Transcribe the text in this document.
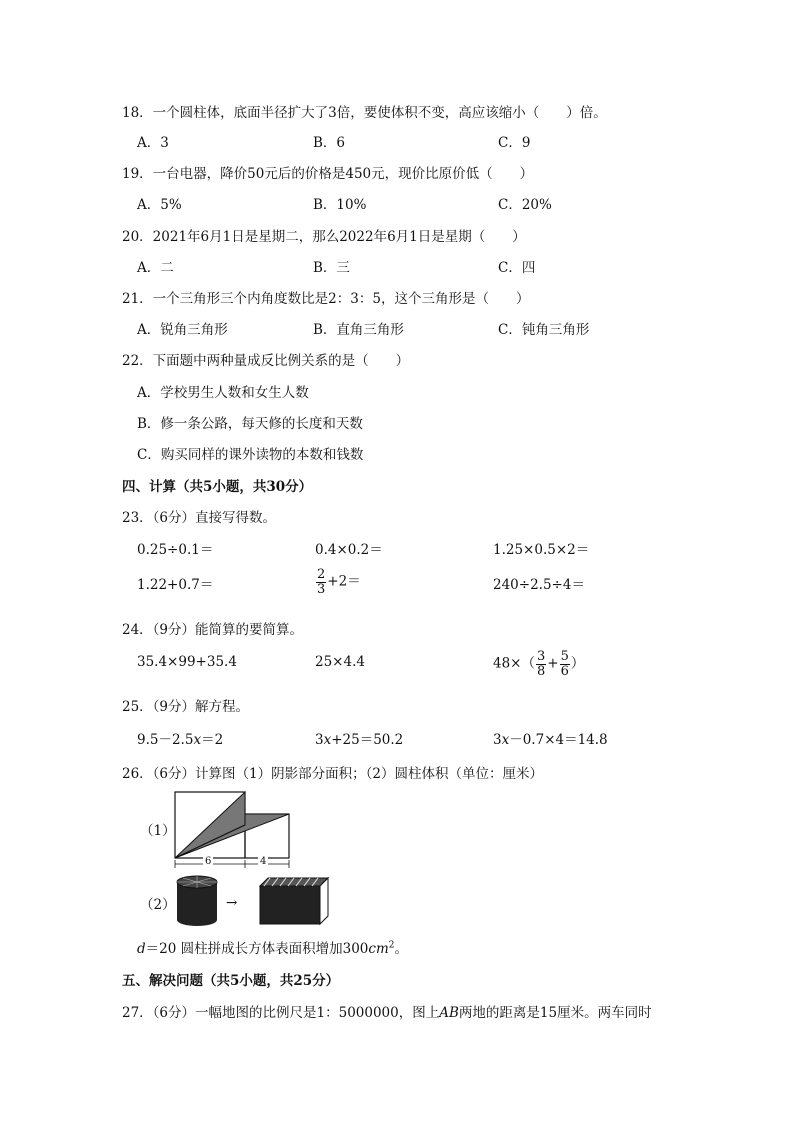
18．一个圆柱体，底面半径扩大了3倍，要使体积不变，高应该缩小（　　）倍。
A．3	B．6	C．9
19．一台电器，降价50元后的价格是450元，现价比原价低（　　）
A．5%	B．10%	C．20%
20．2021年6月1日是星期二，那么2022年6月1日是星期（　　）
A．二	B．三	C．四
21．一个三角形三个内角度数比是2：3：5，这个三角形是（　　）
A．锐角三角形	B．直角三角形	C．钝角三角形
22．下面题中两种量成反比例关系的是（　　）
A．学校男生人数和女生人数
B．修一条公路，每天修的长度和天数
C．购买同样的课外读物的本数和钱数
四、计算（共5小题，共30分）
23．（6分）直接写得数。
0.25÷0.1＝	0.4×0.2＝	1.25×0.5×2＝
1.22+0.7＝	$\frac{2}{3} +2=$	240÷2.5÷4＝
24．（9分）能简算的要简算。
35.4×99+35.4	25×4.4	$48\times( \frac{3}{8} + \frac{5}{6}$ ）
25．（9分）解方程。
9.5－2.5x＝2	3x+25＝50.2	3x－0.7×4＝14.8
26．（6分）计算图（1）阴影部分面积；（2）圆柱体积（单位：厘米）
（1）
6	4
（2）	→
d＝20 圆柱拼成长方体表面积增加$300cm^2$。
五、解决问题（共5小题，共25分）
27．（6分）一幅地图的比例尺是1：5000000，图上AB两地的距离是15厘米。两车同时
